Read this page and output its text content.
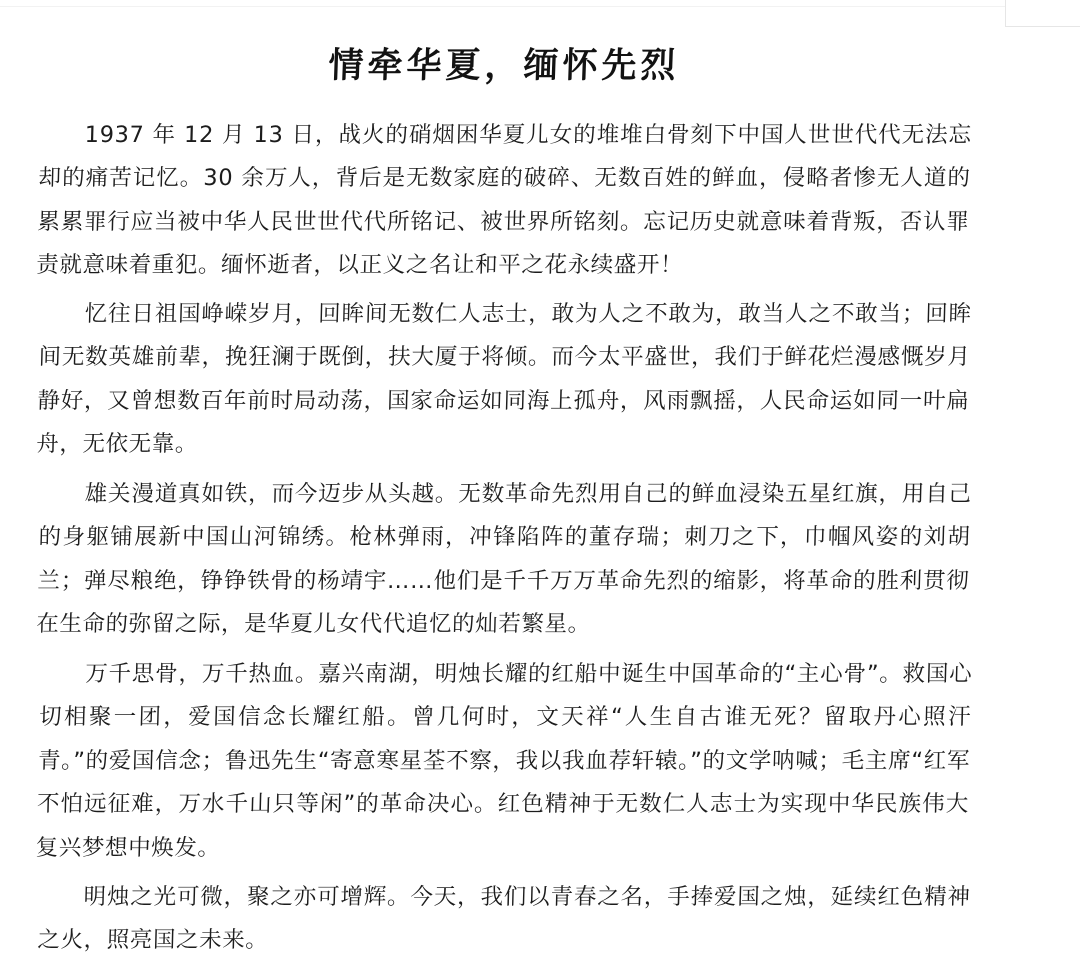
情牵华夏，缅怀先烈

1937 年 12 月 13 日，战火的硝烟困华夏儿女的堆堆白骨刻下中国人世世代代无法忘却的痛苦记忆。30 余万人，背后是无数家庭的破碎、无数百姓的鲜血，侵略者惨无人道的累累罪行应当被中华人民世世代代所铭记、被世界所铭刻。忘记历史就意味着背叛，否认罪责就意味着重犯。缅怀逝者，以正义之名让和平之花永续盛开！

忆往日祖国峥嵘岁月，回眸间无数仁人志士，敢为人之不敢为，敢当人之不敢当；回眸间无数英雄前辈，挽狂澜于既倒，扶大厦于将倾。而今太平盛世，我们于鲜花烂漫感慨岁月静好，又曾想数百年前时局动荡，国家命运如同海上孤舟，风雨飘摇，人民命运如同一叶扁舟，无依无靠。

雄关漫道真如铁，而今迈步从头越。无数革命先烈用自己的鲜血浸染五星红旗，用自己的身躯铺展新中国山河锦绣。枪林弹雨，冲锋陷阵的董存瑞；刺刀之下，巾帼风姿的刘胡兰；弹尽粮绝，铮铮铁骨的杨靖宇……他们是千千万万革命先烈的缩影，将革命的胜利贯彻在生命的弥留之际，是华夏儿女代代追忆的灿若繁星。

万千思骨，万千热血。嘉兴南湖，明烛长耀的红船中诞生中国革命的“主心骨”。救国心切相聚一团，爱国信念长耀红船。曾几何时，文天祥“人生自古谁无死？留取丹心照汗青。”的爱国信念；鲁迅先生“寄意寒星荃不察，我以我血荐轩辕。”的文学呐喊；毛主席“红军不怕远征难，万水千山只等闲”的革命决心。红色精神于无数仁人志士为实现中华民族伟大复兴梦想中焕发。

明烛之光可微，聚之亦可增辉。今天，我们以青春之名，手捧爱国之烛，延续红色精神之火，照亮国之未来。
